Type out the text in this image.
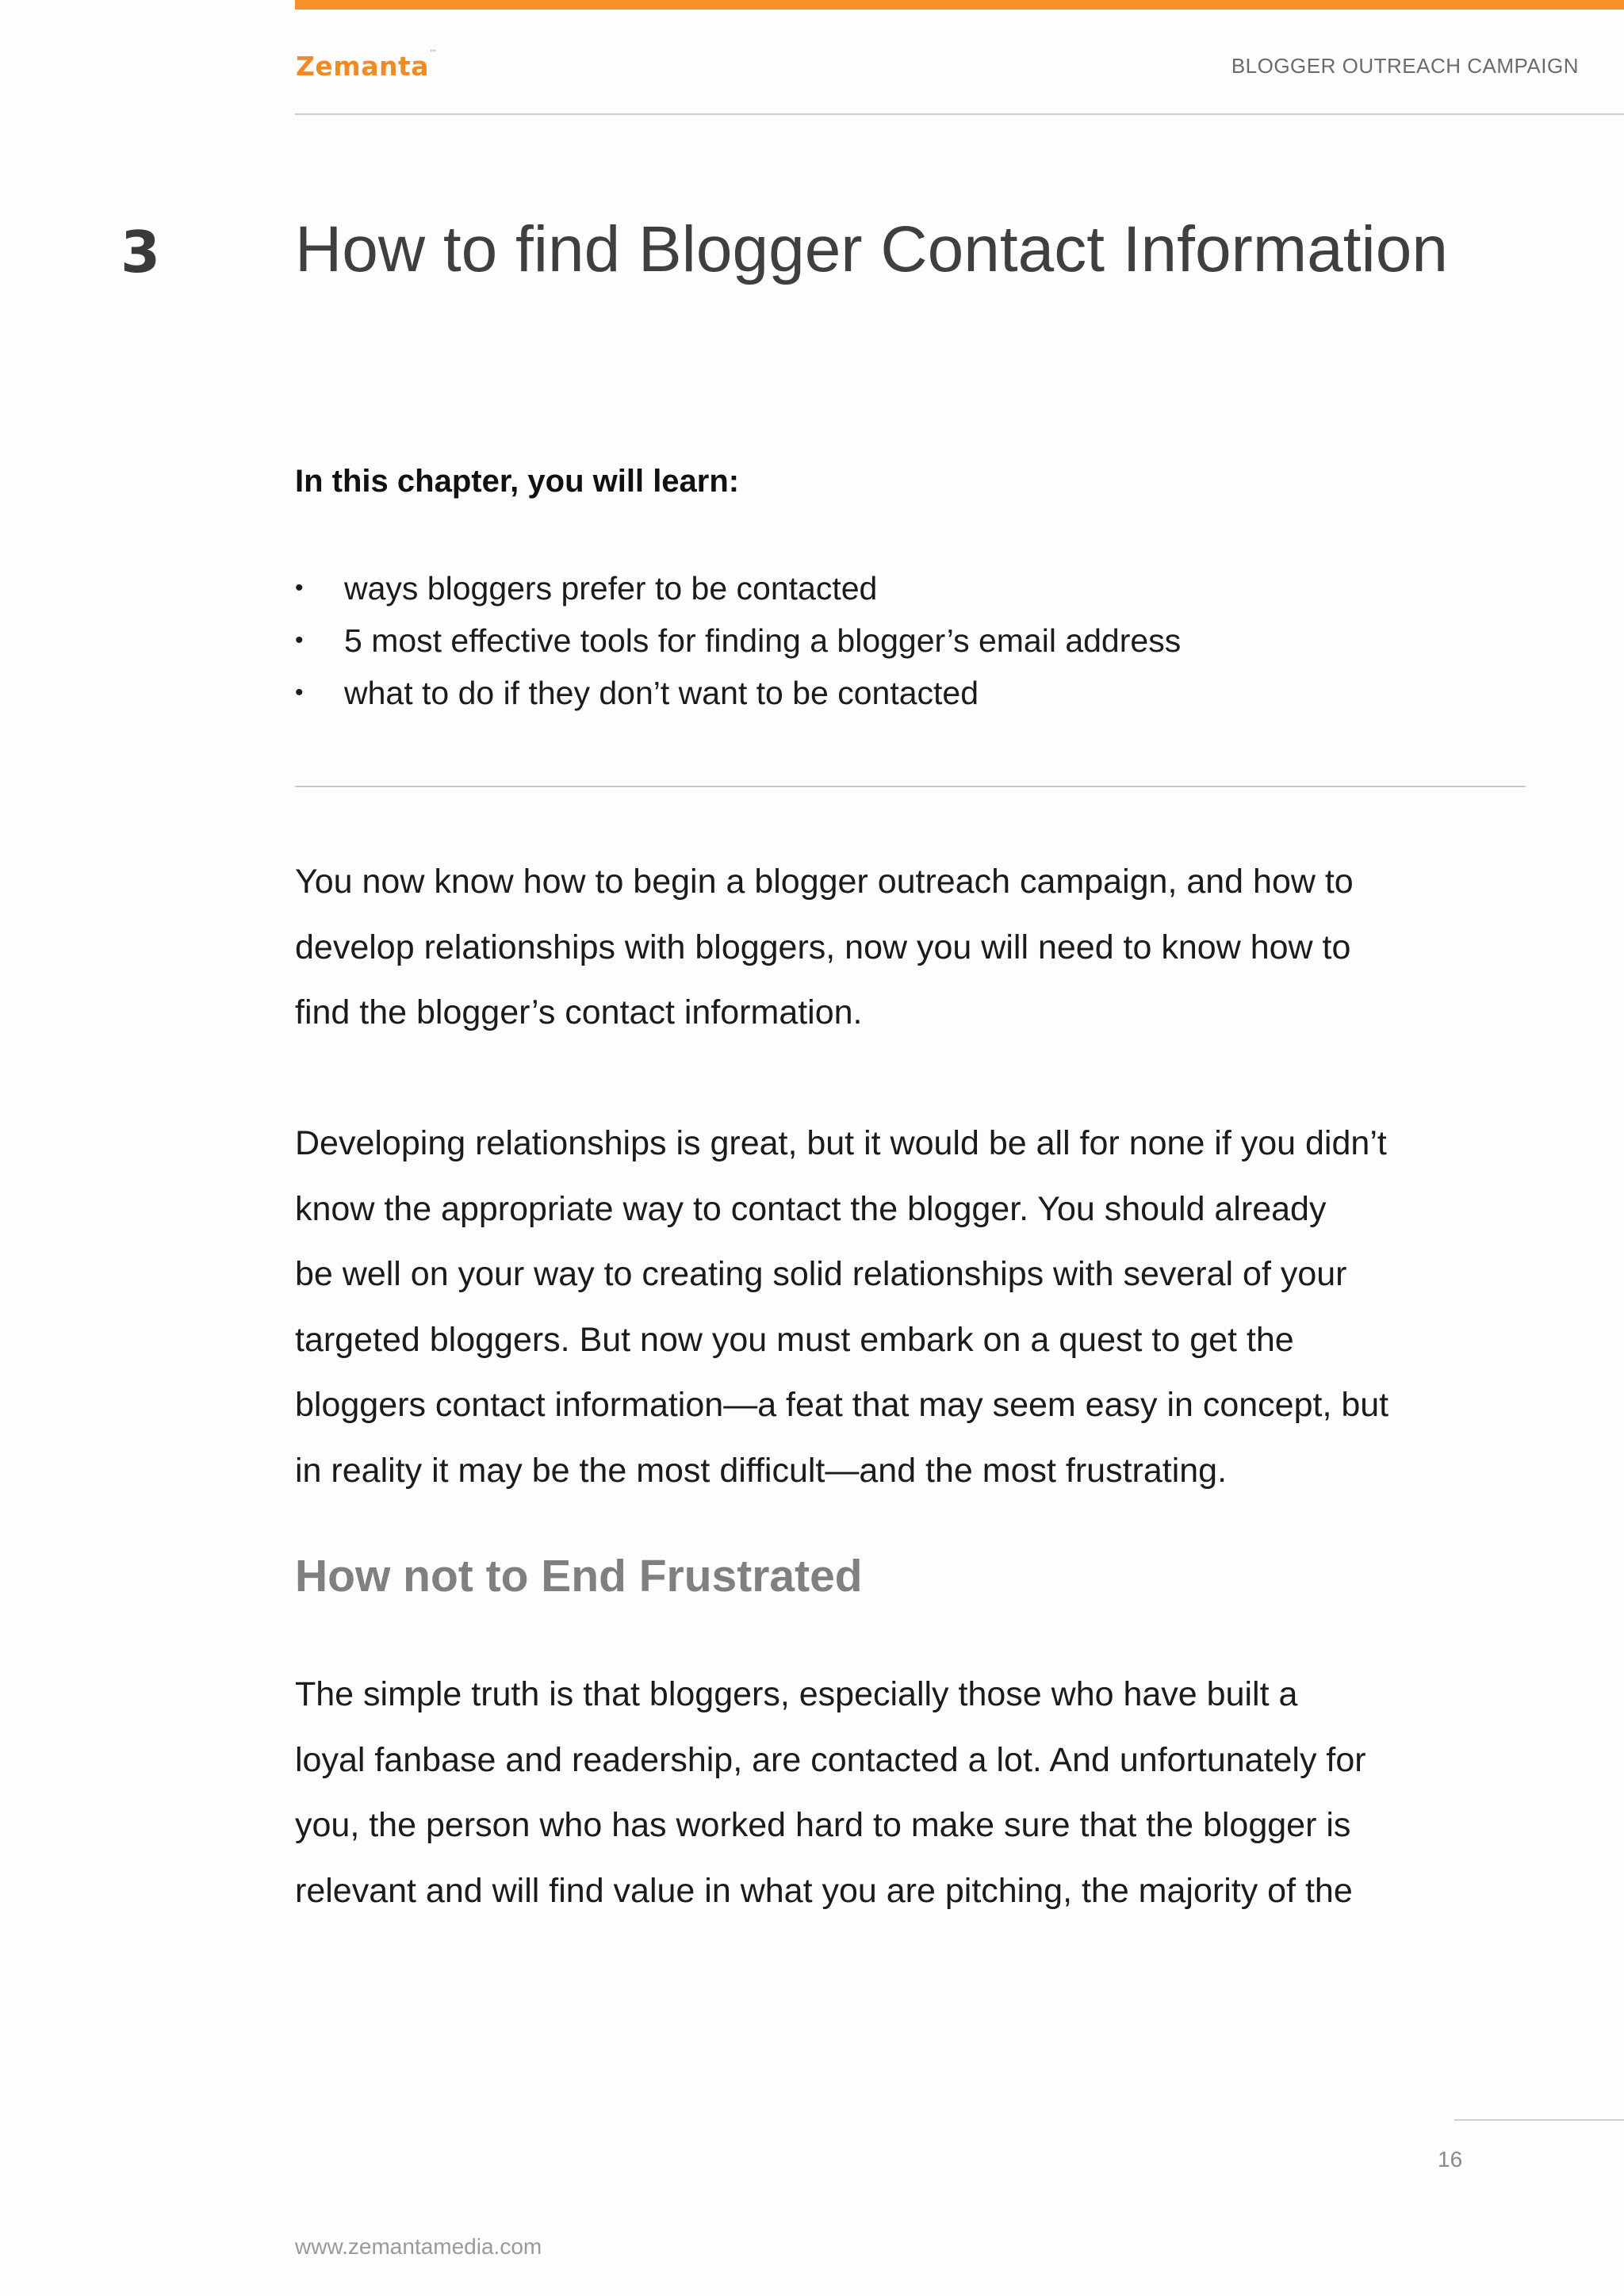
Zemanta™
BLOGGER OUTREACH CAMPAIGN
3 How to find Blogger Contact Information
In this chapter, you will learn:
• ways bloggers prefer to be contacted
• 5 most effective tools for finding a blogger’s email address
• what to do if they don’t want to be contacted

You now know how to begin a blogger outreach campaign, and how to
develop relationships with bloggers, now you will need to know how to
find the blogger’s contact information.

Developing relationships is great, but it would be all for none if you didn’t
know the appropriate way to contact the blogger. You should already
be well on your way to creating solid relationships with several of your
targeted bloggers. But now you must embark on a quest to get the
bloggers contact information—a feat that may seem easy in concept, but
in reality it may be the most difficult—and the most frustrating.

How not to End Frustrated

The simple truth is that bloggers, especially those who have built a
loyal fanbase and readership, are contacted a lot. And unfortunately for
you, the person who has worked hard to make sure that the blogger is
relevant and will find value in what you are pitching, the majority of the

16
www.zemantamedia.com
